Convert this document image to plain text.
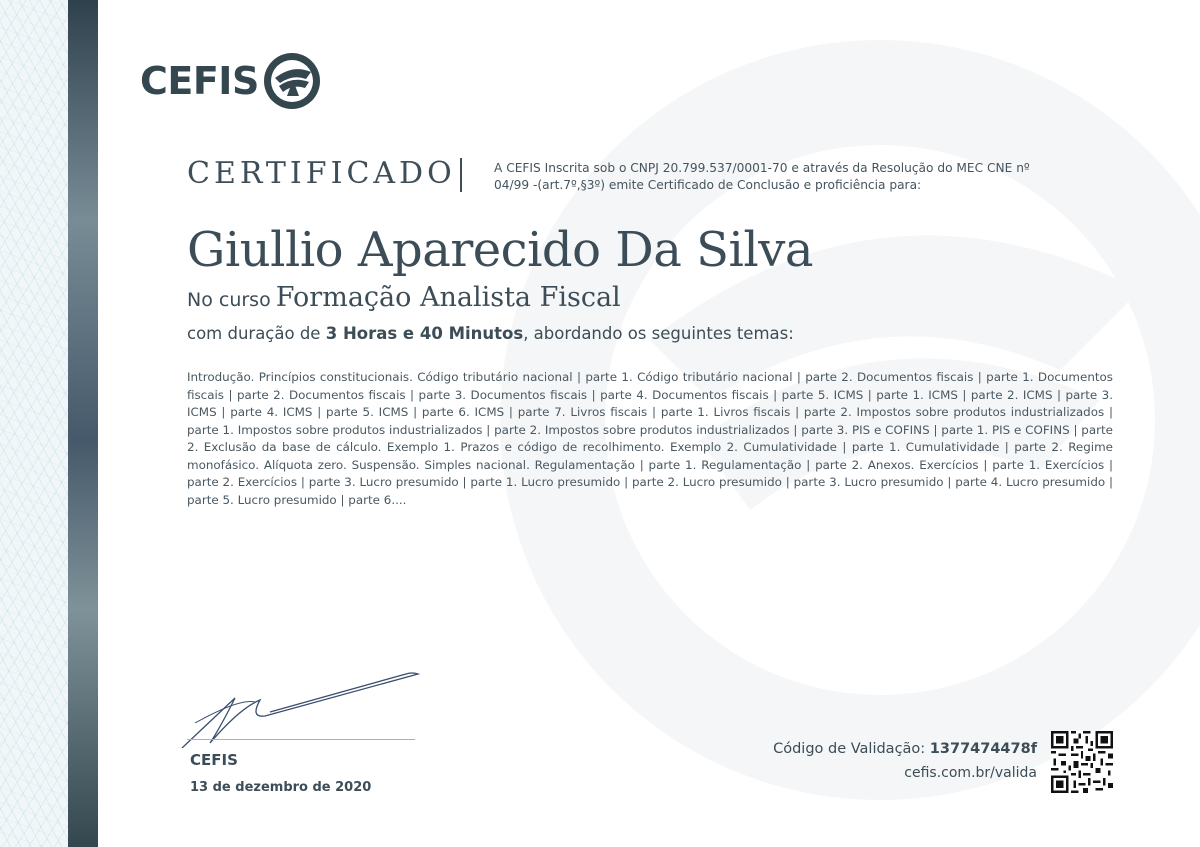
CEFIS
CERTIFICADO	A CEFIS Inscrita sob o CNPJ 20.799.537/0001-70 e através da Resolução do MEC CNE nº 04/99 -(art.7º,§3º) emite Certificado de Conclusão e proficiência para:
Giullio Aparecido Da Silva
No curso Formação Analista Fiscal
com duração de 3 Horas e 40 Minutos, abordando os seguintes temas:
Introdução. Princípios constitucionais. Código tributário nacional | parte 1. Código tributário nacional | parte 2. Documentos fiscais | parte 1. Documentos fiscais | parte 2. Documentos fiscais | parte 3. Documentos fiscais | parte 4. Documentos fiscais | parte 5. ICMS | parte 1. ICMS | parte 2. ICMS | parte 3. ICMS | parte 4. ICMS | parte 5. ICMS | parte 6. ICMS | parte 7. Livros fiscais | parte 1. Livros fiscais | parte 2. Impostos sobre produtos industrializados | parte 1. Impostos sobre produtos industrializados | parte 2. Impostos sobre produtos industrializados | parte 3. PIS e COFINS | parte 1. PIS e COFINS | parte 2. Exclusão da base de cálculo. Exemplo 1. Prazos e código de recolhimento. Exemplo 2. Cumulatividade | parte 1. Cumulatividade | parte 2. Regime monofásico. Alíquota zero. Suspensão. Simples nacional. Regulamentação | parte 1. Regulamentação | parte 2. Anexos. Exercícios | parte 1. Exercícios | parte 2. Exercícios | parte 3. Lucro presumido | parte 1. Lucro presumido | parte 2. Lucro presumido | parte 3. Lucro presumido | parte 4. Lucro presumido | parte 5. Lucro presumido | parte 6....
CEFIS
13 de dezembro de 2020
Código de Validação: 1377474478f
cefis.com.br/valida
